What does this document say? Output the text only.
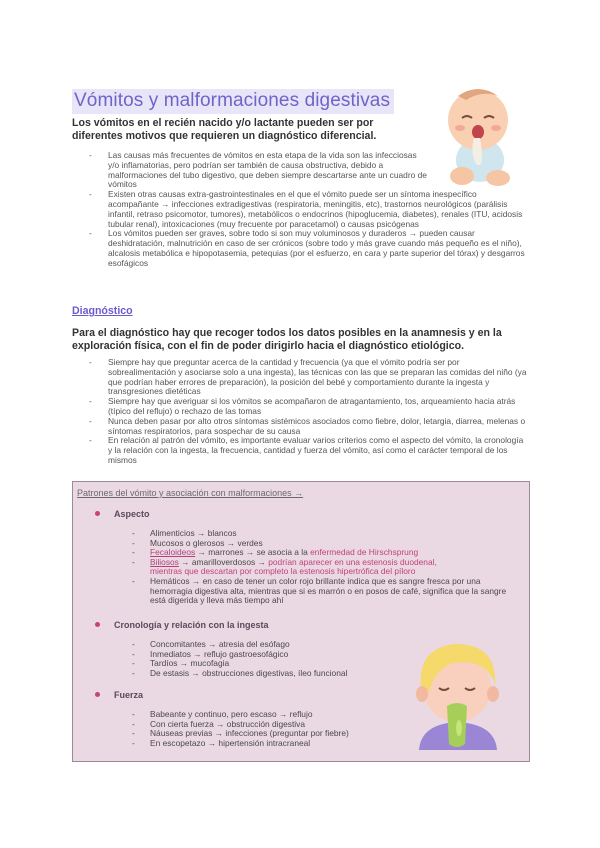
Vómitos y malformaciones digestivas
Los vómitos en el recién nacido y/o lactante pueden ser por diferentes motivos que requieren un diagnóstico diferencial.
- Las causas más frecuentes de vómitos en esta etapa de la vida son las infecciosas y/o inflamatorias, pero podrían ser también de causa obstructiva, debido a malformaciones del tubo digestivo, que deben siempre descartarse ante un cuadro de vómitos
- Existen otras causas extra-gastrointestinales en el que el vómito puede ser un síntoma inespecífico acompañante → infecciones extradigestivas (respiratoria, meningitis, etc), trastornos neurológicos (parálisis infantil, retraso psicomotor, tumores), metabólicos o endocrinos (hipoglucemia, diabetes), renales (ITU, acidosis tubular renal), intoxicaciones (muy frecuente por paracetamol) o causas psicógenas
- Los vómitos pueden ser graves, sobre todo si son muy voluminosos y duraderos → pueden causar deshidratación, malnutrición en caso de ser crónicos (sobre todo y más grave cuando más pequeño es el niño), alcalosis metabólica e hipopotasemia, petequias (por el esfuerzo, en cara y parte superior del tórax) y desgarros esofágicos
Diagnóstico
Para el diagnóstico hay que recoger todos los datos posibles en la anamnesis y en la exploración física, con el fin de poder dirigirlo hacia el diagnóstico etiológico.
- Siempre hay que preguntar acerca de la cantidad y frecuencia (ya que el vómito podría ser por sobrealimentación y asociarse solo a una ingesta), las técnicas con las que se preparan las comidas del niño (ya que podrían haber errores de preparación), la posición del bebé y comportamiento durante la ingesta y transgresiones dietéticas
- Siempre hay que averiguar si los vómitos se acompañaron de atragantamiento, tos, arqueamiento hacia atrás (típico del reflujo) o rechazo de las tomas
- Nunca deben pasar por alto otros síntomas sistémicos asociados como fiebre, dolor, letargia, diarrea, melenas o síntomas respiratorios, para sospechar de su causa
- En relación al patrón del vómito, es importante evaluar varios criterios como el aspecto del vómito, la cronología y la relación con la ingesta, la frecuencia, cantidad y fuerza del vómito, así como el carácter temporal de los mismos
Patrones del vómito y asociación con malformaciones →
Aspecto
- Alimenticios → blancos
- Mucosos o glerosos → verdes
- Fecaloideos → marrones → se asocia a la enfermedad de Hirschsprung
- Biliosos → amarilloverdosos → podrían aparecer en una estenosis duodenal,
mientras que descartan por completo la estenosis hipertrófica del píloro
- Hemáticos → en caso de tener un color rojo brillante indica que es sangre fresca por una hemorragia digestiva alta, mientras que si es marrón o en posos de café, significa que la sangre está digerida y lleva más tiempo ahí
Cronología y relación con la ingesta
- Concomitantes → atresia del esófago
- Inmediatos → reflujo gastroesofágico
- Tardíos → mucofagia
- De estasis → obstrucciones digestivas, íleo funcional
Fuerza
- Babeante y continuo, pero escaso → reflujo
- Con cierta fuerza → obstrucción digestiva
- Náuseas previas → infecciones (preguntar por fiebre)
- En escopetazo → hipertensión intracraneal
